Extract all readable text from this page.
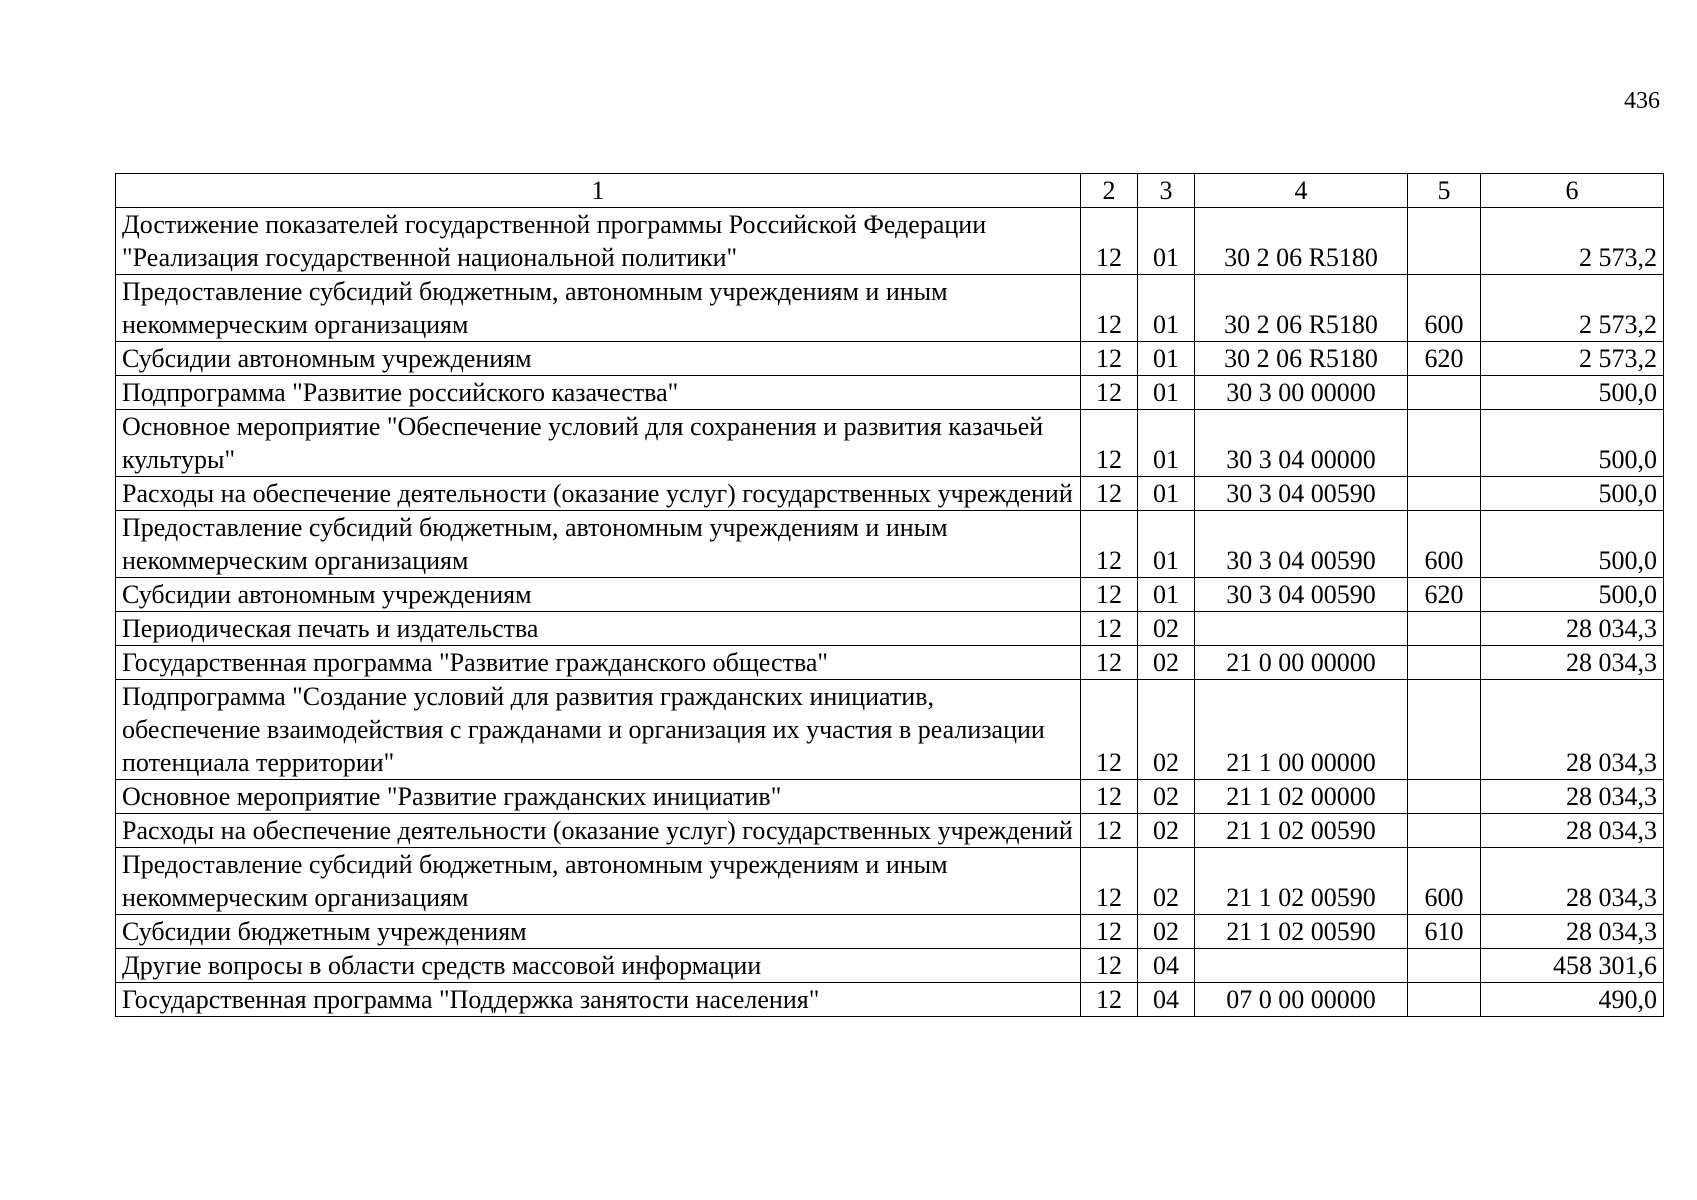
436
1	2	3	4	5	6
Достижение показателей государственной программы Российской Федерации "Реализация государственной национальной политики"	12	01	30 2 06 R5180		2 573,2
Предоставление субсидий бюджетным, автономным учреждениям и иным некоммерческим организациям	12	01	30 2 06 R5180	600	2 573,2
Субсидии автономным учреждениям	12	01	30 2 06 R5180	620	2 573,2
Подпрограмма "Развитие российского казачества"	12	01	30 3 00 00000		500,0
Основное мероприятие "Обеспечение условий для сохранения и развития казачьей культуры"	12	01	30 3 04 00000		500,0
Расходы на обеспечение деятельности (оказание услуг) государственных учреждений	12	01	30 3 04 00590		500,0
Предоставление субсидий бюджетным, автономным учреждениям и иным некоммерческим организациям	12	01	30 3 04 00590	600	500,0
Субсидии автономным учреждениям	12	01	30 3 04 00590	620	500,0
Периодическая печать и издательства	12	02			28 034,3
Государственная программа "Развитие гражданского общества"	12	02	21 0 00 00000		28 034,3
Подпрограмма "Создание условий для развития гражданских инициатив, обеспечение взаимодействия с гражданами и организация их участия в реализации потенциала территории"	12	02	21 1 00 00000		28 034,3
Основное мероприятие "Развитие гражданских инициатив"	12	02	21 1 02 00000		28 034,3
Расходы на обеспечение деятельности (оказание услуг) государственных учреждений	12	02	21 1 02 00590		28 034,3
Предоставление субсидий бюджетным, автономным учреждениям и иным некоммерческим организациям	12	02	21 1 02 00590	600	28 034,3
Субсидии бюджетным учреждениям	12	02	21 1 02 00590	610	28 034,3
Другие вопросы в области средств массовой информации	12	04			458 301,6
Государственная программа "Поддержка занятости населения"	12	04	07 0 00 00000		490,0
